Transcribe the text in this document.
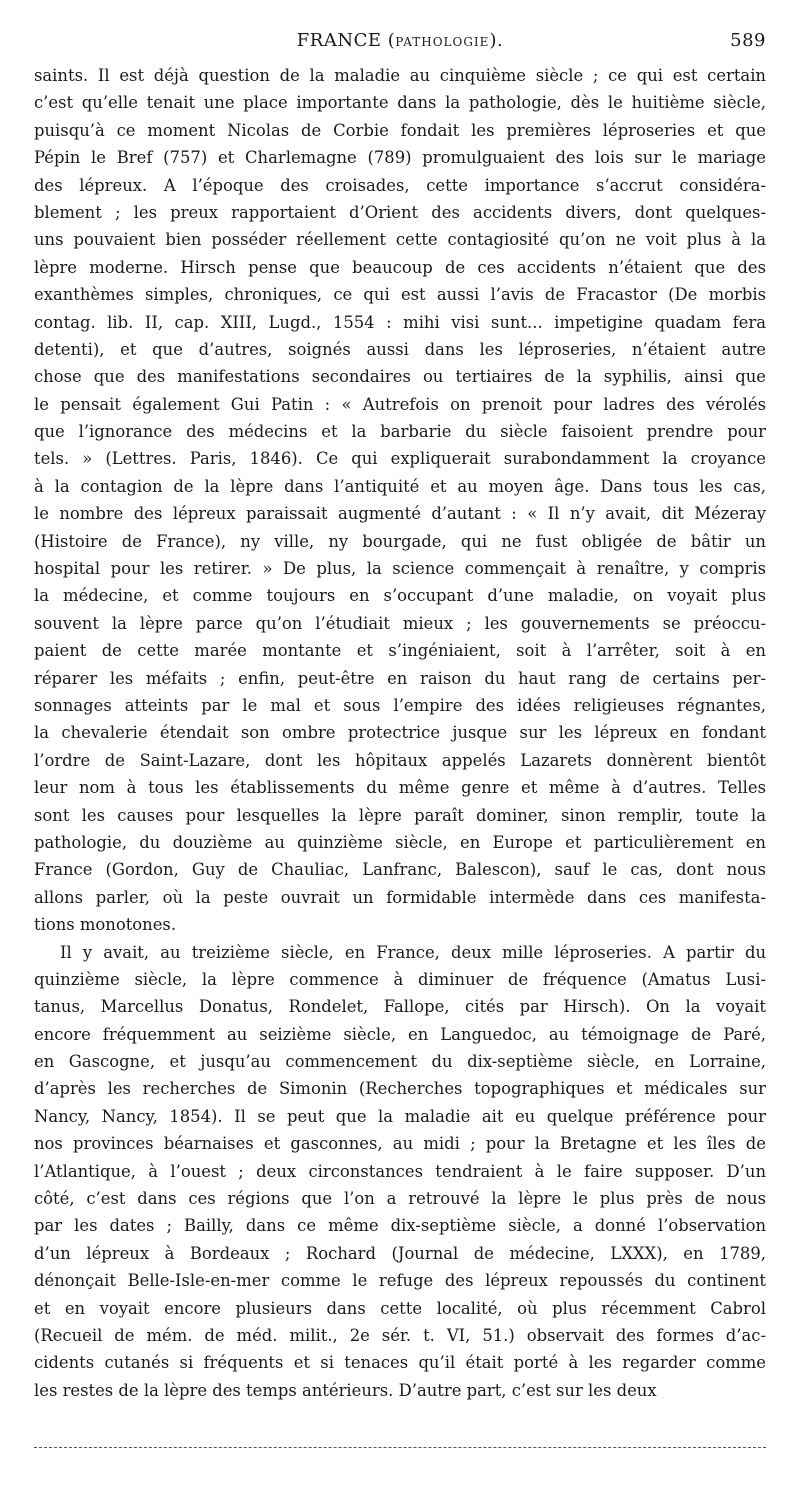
FRANCE (PATHOLOGIE).	589
saints. Il est déjà question de la maladie au cinquième siècle ; ce qui est certain
c’est qu’elle tenait une place importante dans la pathologie, dès le huitième siècle,
puisqu’à ce moment Nicolas de Corbie fondait les premières léproseries et que
Pépin le Bref (757) et Charlemagne (789) promulguaient des lois sur le mariage
des lépreux. A l’époque des croisades, cette importance s’accrut considéra-
blement ; les preux rapportaient d’Orient des accidents divers, dont quelques-
uns pouvaient bien posséder réellement cette contagiosité qu’on ne voit plus à la
lèpre moderne. Hirsch pense que beaucoup de ces accidents n’étaient que des
exanthèmes simples, chroniques, ce qui est aussi l’avis de Fracastor (De morbis
contag. lib. II, cap. XIII, Lugd., 1554 : mihi visi sunt... impetigine quadam fera
detenti), et que d’autres, soignés aussi dans les léproseries, n’étaient autre
chose que des manifestations secondaires ou tertiaires de la syphilis, ainsi que
le pensait également Gui Patin : « Autrefois on prenoit pour ladres des vérolés
que l’ignorance des médecins et la barbarie du siècle faisoient prendre pour
tels. » (Lettres. Paris, 1846). Ce qui expliquerait surabondamment la croyance
à la contagion de la lèpre dans l’antiquité et au moyen âge. Dans tous les cas,
le nombre des lépreux paraissait augmenté d’autant : « Il n’y avait, dit Mézeray
(Histoire de France), ny ville, ny bourgade, qui ne fust obligée de bâtir un
hospital pour les retirer. » De plus, la science commençait à renaître, y compris
la médecine, et comme toujours en s’occupant d’une maladie, on voyait plus
souvent la lèpre parce qu’on l’étudiait mieux ; les gouvernements se préoccu-
paient de cette marée montante et s’ingéniaient, soit à l’arrêter, soit à en
réparer les méfaits ; enfin, peut-être en raison du haut rang de certains per-
sonnages atteints par le mal et sous l’empire des idées religieuses régnantes,
la chevalerie étendait son ombre protectrice jusque sur les lépreux en fondant
l’ordre de Saint-Lazare, dont les hôpitaux appelés Lazarets donnèrent bientôt
leur nom à tous les établissements du même genre et même à d’autres. Telles
sont les causes pour lesquelles la lèpre paraît dominer, sinon remplir, toute la
pathologie, du douzième au quinzième siècle, en Europe et particulièrement en
France (Gordon, Guy de Chauliac, Lanfranc, Balescon), sauf le cas, dont nous
allons parler, où la peste ouvrait un formidable intermède dans ces manifesta-
tions monotones.
Il y avait, au treizième siècle, en France, deux mille léproseries. A partir du
quinzième siècle, la lèpre commence à diminuer de fréquence (Amatus Lusi-
tanus, Marcellus Donatus, Rondelet, Fallope, cités par Hirsch). On la voyait
encore fréquemment au seizième siècle, en Languedoc, au témoignage de Paré,
en Gascogne, et jusqu’au commencement du dix-septième siècle, en Lorraine,
d’après les recherches de Simonin (Recherches topographiques et médicales sur
Nancy, Nancy, 1854). Il se peut que la maladie ait eu quelque préférence pour
nos provinces béarnaises et gasconnes, au midi ; pour la Bretagne et les îles de
l’Atlantique, à l’ouest ; deux circonstances tendraient à le faire supposer. D’un
côté, c’est dans ces régions que l’on a retrouvé la lèpre le plus près de nous
par les dates ; Bailly, dans ce même dix-septième siècle, a donné l’observation
d’un lépreux à Bordeaux ; Rochard (Journal de médecine, LXXX), en 1789,
dénonçait Belle-Isle-en-mer comme le refuge des lépreux repoussés du continent
et en voyait encore plusieurs dans cette localité, où plus récemment Cabrol
(Recueil de mém. de méd. milit., 2e sér. t. VI, 51.) observait des formes d’ac-
cidents cutanés si fréquents et si tenaces qu’il était porté à les regarder comme
les restes de la lèpre des temps antérieurs. D’autre part, c’est sur les deux
